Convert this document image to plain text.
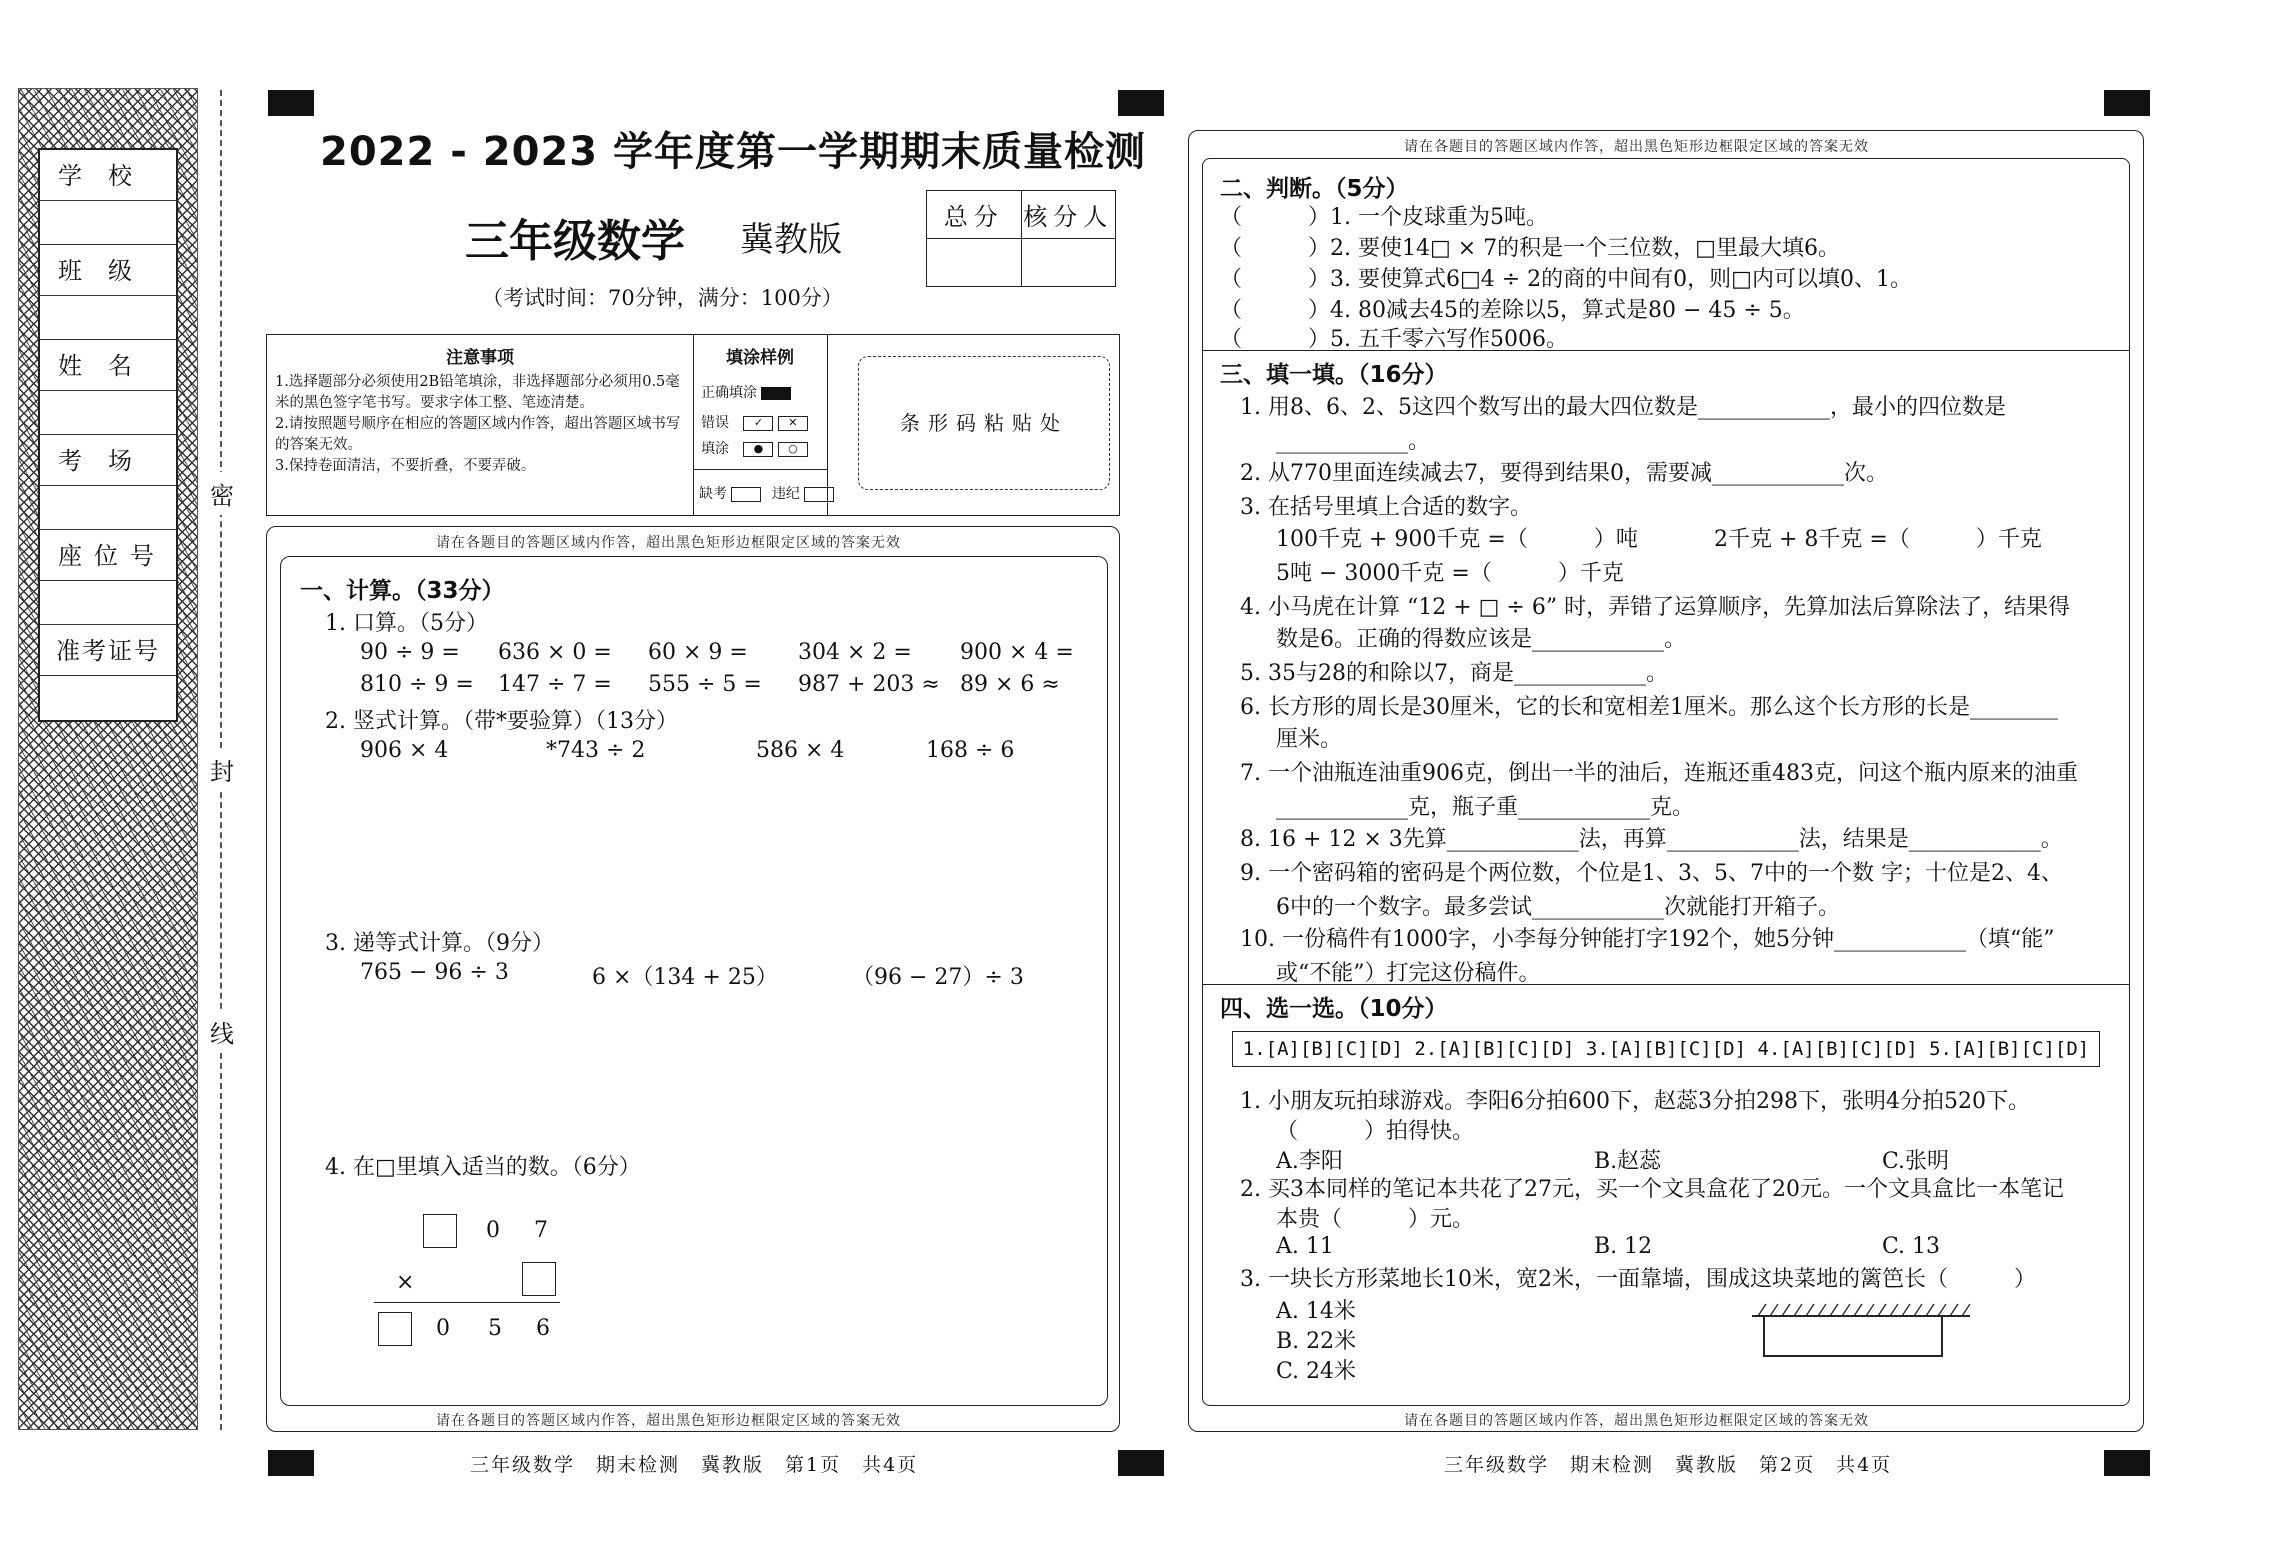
学校
班级
姓名
考场
座位号
准考证号
密
封
线
2022 - 2023 学年度第一学期期末质量检测
三年级数学 冀教版
（考试时间：70分钟，满分：100分）
总分	核分人

注意事项
1.选择题部分必须使用2B铅笔填涂，非选择题部分必须用0.5毫米的黑色签字笔书写。要求字体工整、笔迹清楚。
2.请按照题号顺序在相应的答题区域内作答，超出答题区域书写的答案无效。
3.保持卷面清洁，不要折叠，不要弄破。
填涂样例
正确填涂
错误 ✓ ✕
填涂 ● ○
缺考	违纪
条形码粘贴处
请在各题目的答题区域内作答，超出黑色矩形边框限定区域的答案无效
请在各题目的答题区域内作答，超出黑色矩形边框限定区域的答案无效
一、计算。（33分）
1. 口算。（5分）
90 ÷ 9 = 636 × 0 = 60 × 9 = 304 × 2 = 900 × 4 =
810 ÷ 9 = 147 ÷ 7 = 555 ÷ 5 = 987 + 203 ≈ 89 × 6 ≈
2. 竖式计算。（带*要验算）（13分）
906 × 4	*743 ÷ 2	586 × 4	168 ÷ 6
3. 递等式计算。（9分）
765 − 96 ÷ 3	6 ×（134 + 25）	（96 − 27）÷ 3
4. 在□里填入适当的数。（6分）
0 7
×
0 5 6
三年级数学　期末检测　冀教版　第1页　共4页
请在各题目的答题区域内作答，超出黑色矩形边框限定区域的答案无效
请在各题目的答题区域内作答，超出黑色矩形边框限定区域的答案无效
二、判断。（5分）
（　　　）1. 一个皮球重为5吨。
（　　　）2. 要使14□ × 7的积是一个三位数，□里最大填6。
（　　　）3. 要使算式6□4 ÷ 2的商的中间有0，则□内可以填0、1。
（　　　）4. 80减去45的差除以5，算式是80 − 45 ÷ 5。
（　　　）5. 五千零六写作5006。
三、填一填。（16分）
1. 用8、6、2、5这四个数写出的最大四位数是____________，最小的四位数是
____________。
2. 从770里面连续减去7，要得到结果0，需要减____________次。
3. 在括号里填上合适的数字。
100千克 + 900千克 =（　　　）吨	2千克 + 8千克 =（　　　）千克
5吨 − 3000千克 =（　　　）千克
4. 小马虎在计算 “12 + □ ÷ 6” 时，弄错了运算顺序，先算加法后算除法了，结果得
数是6。正确的得数应该是____________。
5. 35与28的和除以7，商是____________。
6. 长方形的周长是30厘米，它的长和宽相差1厘米。那么这个长方形的长是________
厘米。
7. 一个油瓶连油重906克，倒出一半的油后，连瓶还重483克，问这个瓶内原来的油重
____________克，瓶子重____________克。
8. 16 + 12 × 3先算____________法，再算____________法，结果是____________。
9. 一个密码箱的密码是个两位数，个位是1、3、5、7中的一个数 字；十位是2、4、
6中的一个数字。最多尝试____________次就能打开箱子。
10. 一份稿件有1000字，小李每分钟能打字192个，她5分钟____________（填“能”
或“不能”）打完这份稿件。
四、选一选。（10分）
1.[A][B][C][D] 2.[A][B][C][D] 3.[A][B][C][D] 4.[A][B][C][D] 5.[A][B][C][D]
1. 小朋友玩拍球游戏。李阳6分拍600下，赵蕊3分拍298下，张明4分拍520下。
（　　　）拍得快。
A.李阳	B.赵蕊	C.张明
2. 买3本同样的笔记本共花了27元，买一个文具盒花了20元。一个文具盒比一本笔记
本贵（　　　）元。
A. 11	B. 12	C. 13
3. 一块长方形菜地长10米，宽2米，一面靠墙，围成这块菜地的篱笆长（　　　）
A. 14米
B. 22米
C. 24米
三年级数学　期末检测　冀教版　第2页　共4页
